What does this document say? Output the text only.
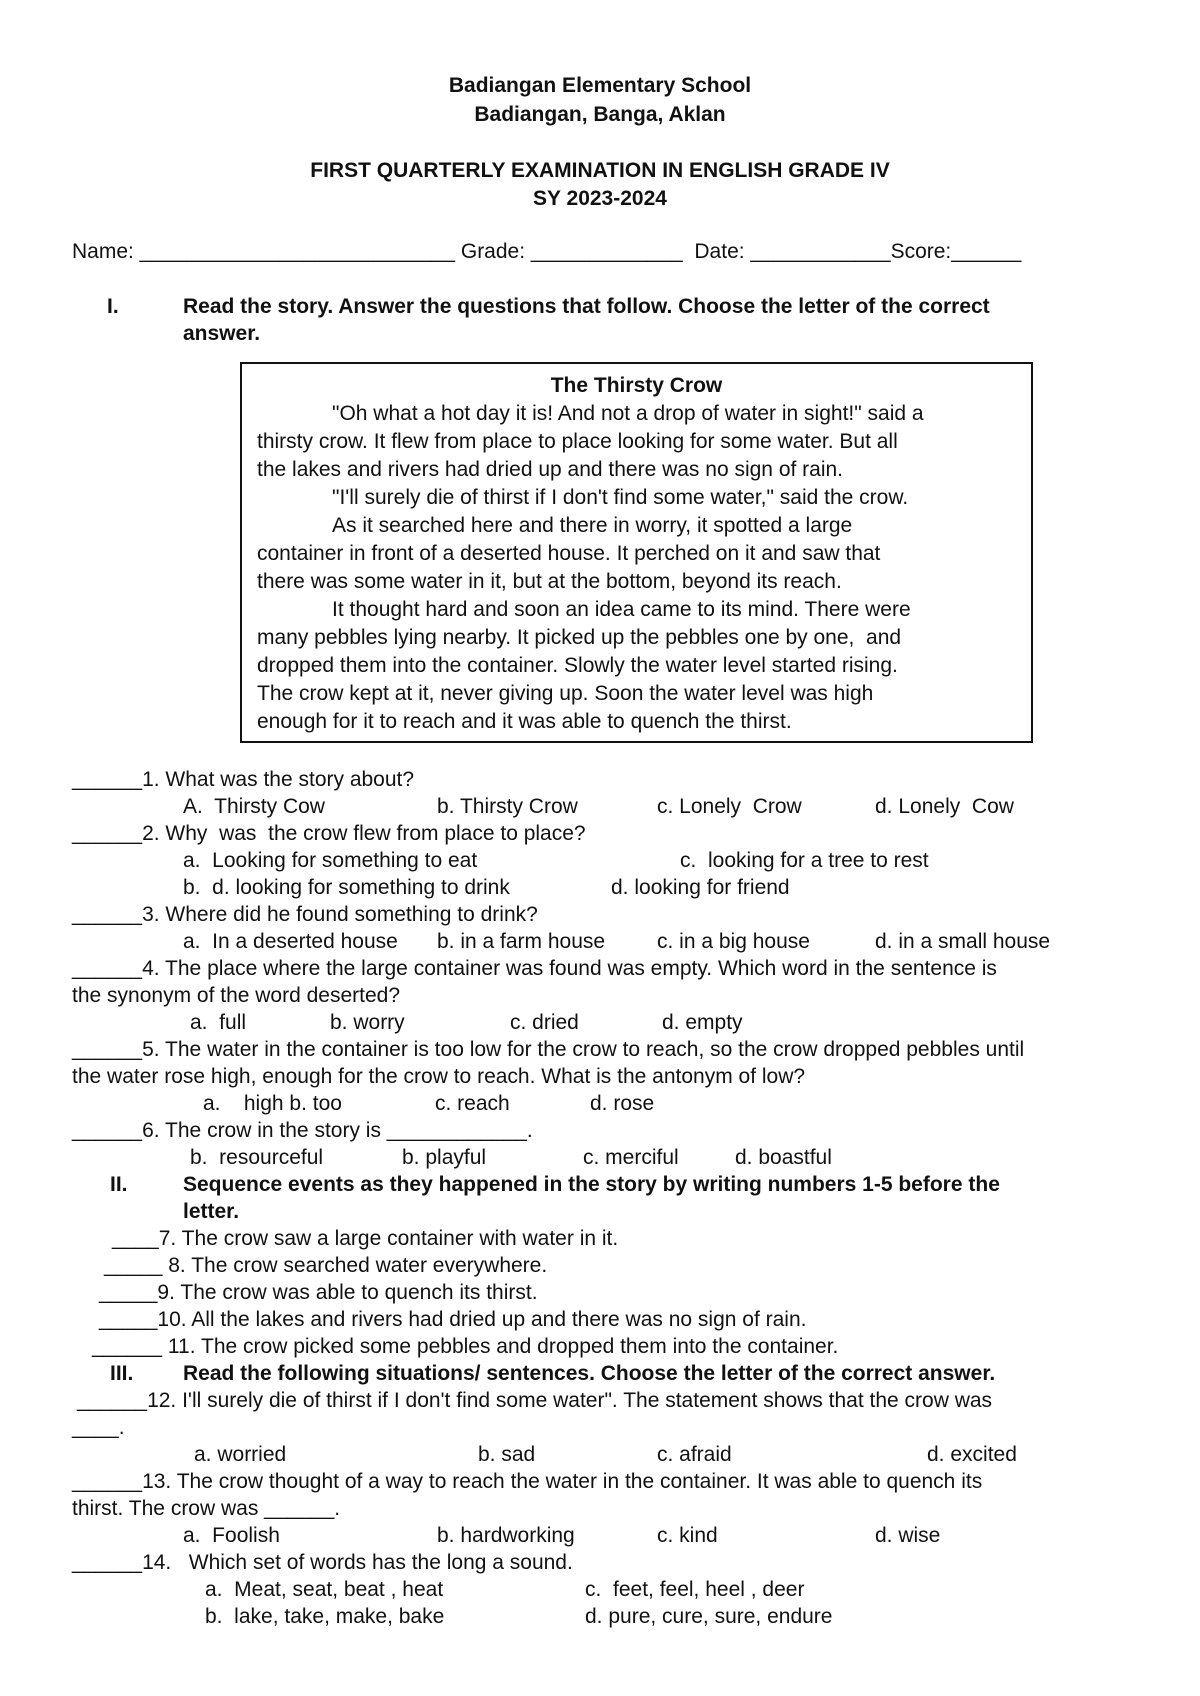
Badiangan Elementary School
Badiangan, Banga, Aklan
FIRST QUARTERLY EXAMINATION IN ENGLISH GRADE IV
SY 2023-2024
Name: ___________________________ Grade: _____________  Date: ____________Score:______
I.	Read the story. Answer the questions that follow. Choose the letter of the correct
answer.
The Thirsty Crow
"Oh what a hot day it is! And not a drop of water in sight!" said a
thirsty crow. It flew from place to place looking for some water. But all
the lakes and rivers had dried up and there was no sign of rain.
"I'll surely die of thirst if I don't find some water," said the crow.
As it searched here and there in worry, it spotted a large
container in front of a deserted house. It perched on it and saw that
there was some water in it, but at the bottom, beyond its reach.
It thought hard and soon an idea came to its mind. There were
many pebbles lying nearby. It picked up the pebbles one by one,  and
dropped them into the container. Slowly the water level started rising.
The crow kept at it, never giving up. Soon the water level was high
enough for it to reach and it was able to quench the thirst.
______1. What was the story about?
A.  Thirsty Cow	b. Thirsty Crow	c. Lonely  Crow	d. Lonely  Cow
______2. Why  was  the crow flew from place to place?
a.  Looking for something to eat	c.  looking for a tree to rest
b.  d. looking for something to drink	d. looking for friend
______3. Where did he found something to drink?
a.  In a deserted house b. in a farm house c. in a big house	d. in a small house
______4. The place where the large container was found was empty. Which word in the sentence is
the synonym of the word deserted?
a.  full	b. worry	c. dried	d. empty
______5. The water in the container is too low for the crow to reach, so the crow dropped pebbles until
the water rose high, enough for the crow to reach. What is the antonym of low?
a.    high b. too	c. reach	d. rose
______6. The crow in the story is ____________.
b.  resourceful	b. playful	c. merciful	d. boastful
II.	Sequence events as they happened in the story by writing numbers 1-5 before the
letter.
____7. The crow saw a large container with water in it.
_____ 8. The crow searched water everywhere.
_____9. The crow was able to quench its thirst.
_____10. All the lakes and rivers had dried up and there was no sign of rain.
______ 11. The crow picked some pebbles and dropped them into the container.
III. Read the following situations/ sentences. Choose the letter of the correct answer.
______12. I'll surely die of thirst if I don't find some water". The statement shows that the crow was
____.
a. worried	b. sad	c. afraid	d. excited
______13. The crow thought of a way to reach the water in the container. It was able to quench its
thirst. The crow was ______.
a.  Foolish	b. hardworking	c. kind	d. wise
______14.   Which set of words has the long a sound.
a.  Meat, seat, beat , heat	c.  feet, feel, heel , deer
b.  lake, take, make, bake	d. pure, cure, sure, endure
